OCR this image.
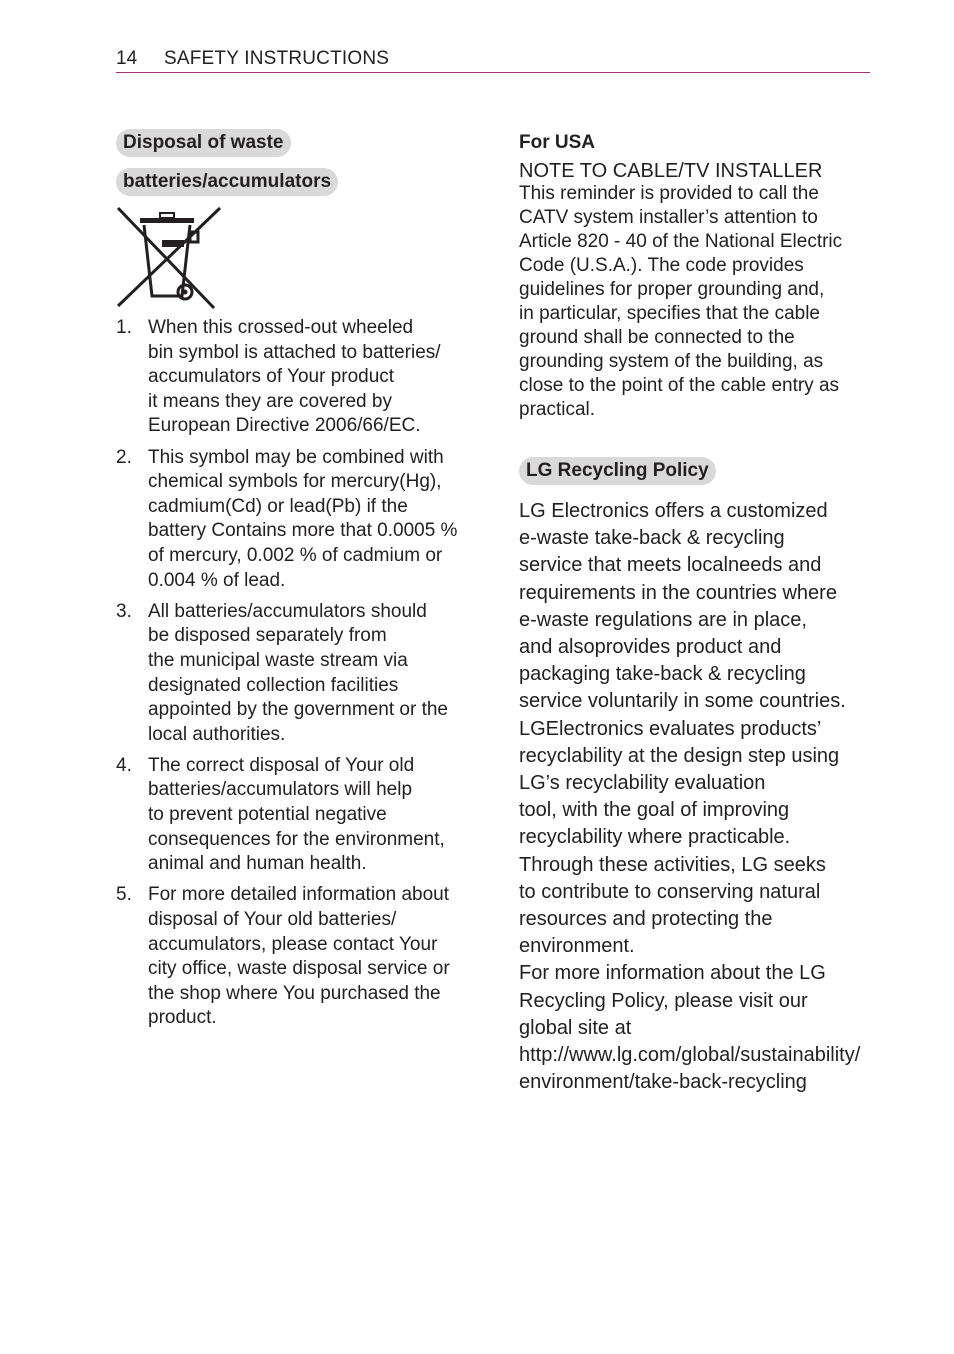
14 SAFETY INSTRUCTIONS
Disposal of waste
batteries/accumulators
1. When this crossed-out wheeled
bin symbol is attached to batteries/
accumulators of Your product
it means they are covered by
European Directive 2006/66/EC.
2. This symbol may be combined with
chemical symbols for mercury(Hg),
cadmium(Cd) or lead(Pb) if the
battery Contains more that 0.0005 %
of mercury, 0.002 % of cadmium or
0.004 % of lead.
3. All batteries/accumulators should
be disposed separately from
the municipal waste stream via
designated collection facilities
appointed by the government or the
local authorities.
4. The correct disposal of Your old
batteries/accumulators will help
to prevent potential negative
consequences for the environment,
animal and human health.
5. For more detailed information about
disposal of Your old batteries/
accumulators, please contact Your
city office, waste disposal service or
the shop where You purchased the
product.
For USA
NOTE TO CABLE/TV INSTALLER
This reminder is provided to call the
CATV system installer’s attention to
Article 820 - 40 of the National Electric
Code (U.S.A.). The code provides
guidelines for proper grounding and,
in particular, specifies that the cable
ground shall be connected to the
grounding system of the building, as
close to the point of the cable entry as
practical.
LG Recycling Policy
LG Electronics offers a customized
e-waste take-back & recycling
service that meets localneeds and
requirements in the countries where
e-waste regulations are in place,
and alsoprovides product and
packaging take-back & recycling
service voluntarily in some countries.
LGElectronics evaluates products’
recyclability at the design step using
LG’s recyclability evaluation
tool, with the goal of improving
recyclability where practicable.
Through these activities, LG seeks
to contribute to conserving natural
resources and protecting the
environment.
For more information about the LG
Recycling Policy, please visit our
global site at
http://www.lg.com/global/sustainability/
environment/take-back-recycling
